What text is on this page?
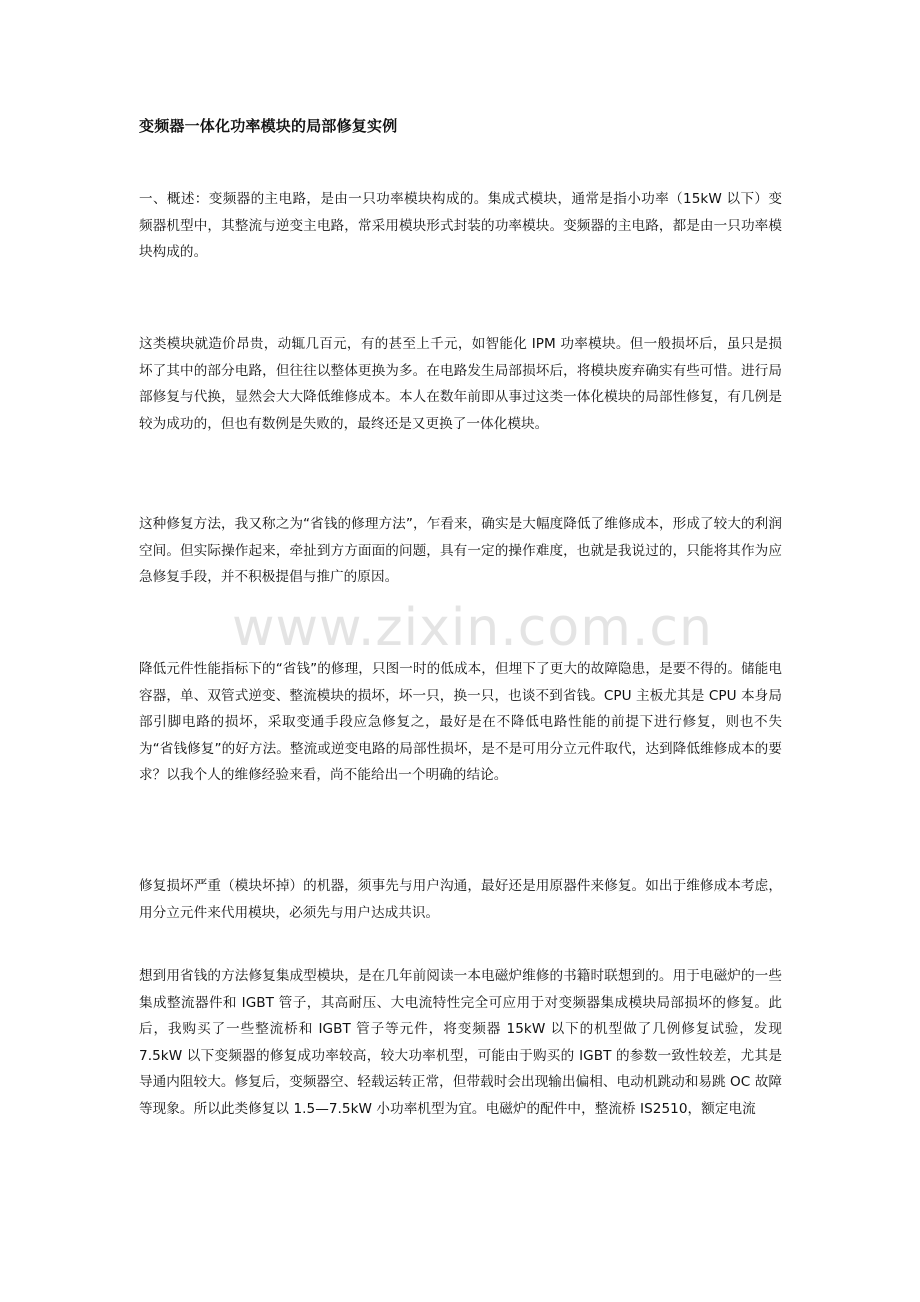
变频器一体化功率模块的局部修复实例
一、概述：变频器的主电路，是由一只功率模块构成的。集成式模块，通常是指小功率（15kW 以下）变频器机型中，其整流与逆变主电路，常采用模块形式封装的功率模块。变频器的主电路，都是由一只功率模块构成的。
这类模块就造价昂贵，动辄几百元，有的甚至上千元，如智能化 IPM 功率模块。但一般损坏后，虽只是损坏了其中的部分电路，但往往以整体更换为多。在电路发生局部损坏后，将模块废弃确实有些可惜。进行局部修复与代换，显然会大大降低维修成本。本人在数年前即从事过这类一体化模块的局部性修复，有几例是较为成功的，但也有数例是失败的，最终还是又更换了一体化模块。
这种修复方法，我又称之为“省钱的修理方法”，乍看来，确实是大幅度降低了维修成本，形成了较大的利润空间。但实际操作起来，牵扯到方方面面的问题，具有一定的操作难度，也就是我说过的，只能将其作为应急修复手段，并不积极提倡与推广的原因。
降低元件性能指标下的“省钱”的修理，只图一时的低成本，但埋下了更大的故障隐患，是要不得的。储能电容器，单、双管式逆变、整流模块的损坏，坏一只，换一只，也谈不到省钱。CPU 主板尤其是 CPU 本身局部引脚电路的损坏，采取变通手段应急修复之，最好是在不降低电路性能的前提下进行修复，则也不失为“省钱修复”的好方法。整流或逆变电路的局部性损坏，是不是可用分立元件取代，达到降低维修成本的要求？以我个人的维修经验来看，尚不能给出一个明确的结论。
修复损坏严重（模块坏掉）的机器，须事先与用户沟通，最好还是用原器件来修复。如出于维修成本考虑，用分立元件来代用模块，必须先与用户达成共识。
想到用省钱的方法修复集成型模块，是在几年前阅读一本电磁炉维修的书籍时联想到的。用于电磁炉的一些集成整流器件和 IGBT 管子，其高耐压、大电流特性完全可应用于对变频器集成模块局部损坏的修复。此后，我购买了一些整流桥和 IGBT 管子等元件，将变频器 15kW 以下的机型做了几例修复试验，发现 7.5kW 以下变频器的修复成功率较高，较大功率机型，可能由于购买的 IGBT 的参数一致性较差，尤其是导通内阻较大。修复后，变频器空、轻载运转正常，但带载时会出现输出偏相、电动机跳动和易跳 OC 故障等现象。所以此类修复以 1.5—7.5kW 小功率机型为宜。电磁炉的配件中，整流桥 IS2510，额定电流
www.zixin.com.cn
